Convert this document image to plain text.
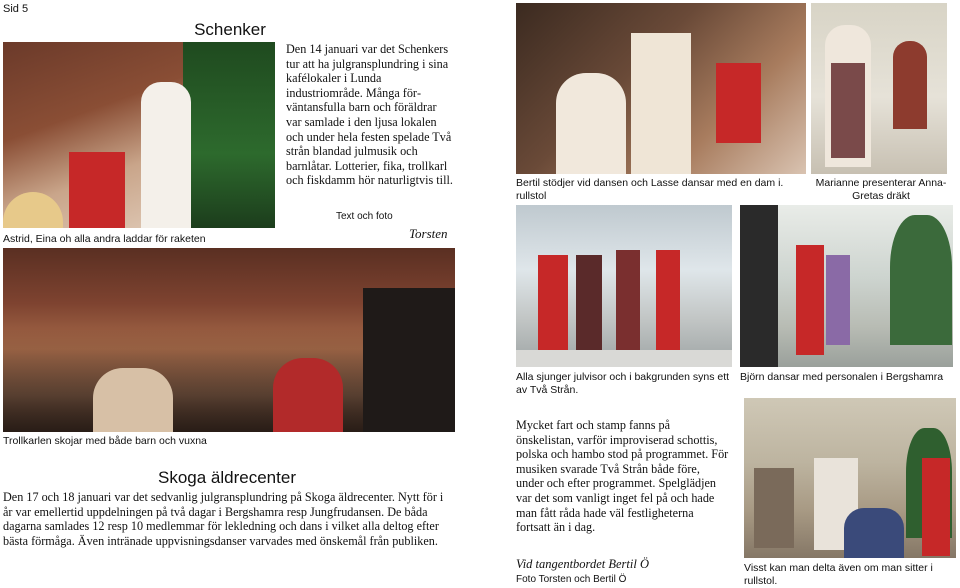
Sid 5
Astrid, Eina oh alla andra laddar för raketen
Schenker
Den 14 januari var det Schenkers tur att ha julgransplundring i sina kafélokaler i Lunda industriområde. Många förväntansfulla barn och föräldrar var samlade i den ljusa lokalen och under hela festen spelade Två strån blandad julmusik och barnlåtar. Lotterier, fika, trollkarl och fiskdamm hör naturligtvis till.
Text och foto
Torsten
Bertil stödjer vid dansen och Lasse dansar med en dam i. rullstol
Marianne presenterar Anna-Gretas dräkt
Trollkarlen skojar med både barn och vuxna
Alla sjunger julvisor och i bakgrunden syns ett av Två Strån.
Björn dansar med personalen i Bergshamra
Skoga äldrecenter
Den 17 och 18 januari var det sedvanlig julgransplundring på Skoga äldrecenter. Nytt för i år var emellertid uppdelningen på två dagar i Bergshamra resp Jungfrudansen. De båda dagarna samlades 12 resp 10 medlemmar för lekledning och dans i vilket alla deltog efter bästa förmåga. Även intränade uppvisningsdanser varvades med önskemål från publiken.
Mycket fart och stamp fanns på önskelistan, varför improviserad schottis, polska och hambo stod på programmet. För musiken svarade Två Strån både före, under och efter programmet. Spelglädjen var det som vanligt inget fel på och hade man fått råda hade väl festligheterna fortsatt än i dag.
Vid tangentbordet Bertil Ö
Foto Torsten och Bertil Ö
Visst kan man delta även om man sitter i rullstol.
